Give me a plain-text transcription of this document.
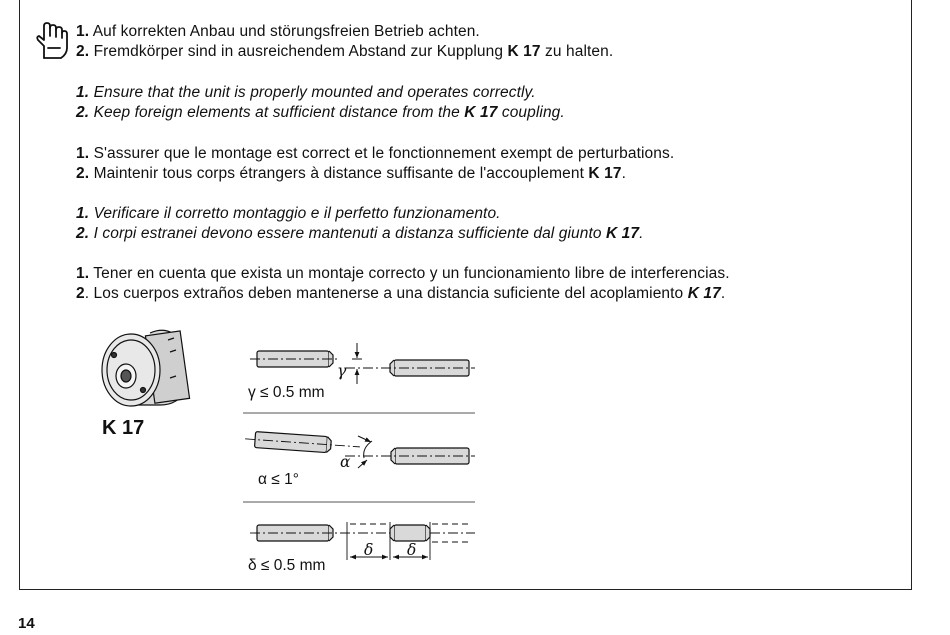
1. Auf korrekten Anbau und störungsfreien Betrieb achten.

2. Fremdkörper sind in ausreichendem Abstand zur Kupplung K 17 zu halten.

1. Ensure that the unit is properly mounted and operates correctly.

2. Keep foreign elements at sufficient distance from the K 17 coupling.

1. S'assurer que le montage est correct et le fonctionnement exempt de perturbations.

2. Maintenir tous corps étrangers à distance suffisante de l'accouplement K 17.

1. Verificare il corretto montaggio e il perfetto funzionamento.

2. I corpi estranei devono essere mantenuti a distanza sufficiente dal giunto K 17.

1. Tener en cuenta que exista un montaje correcto y un funcionamiento libre de interferencias.

2. Los cuerpos extraños deben mantenerse a una distancia suficiente del acoplamiento K 17.

K 17
γ
γ ≤ 0.5 mm
α
α ≤ 1°
δ δ
δ ≤ 0.5 mm
14
